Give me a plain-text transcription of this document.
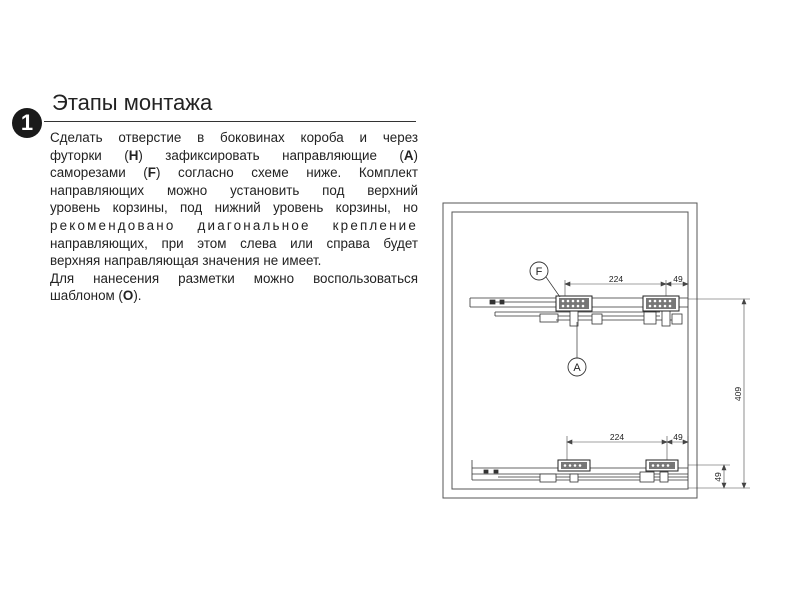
1
Этапы монтажа
Сделать отверстие в боковинах короба и через
футорки (Н) зафиксировать направляющие (А)
саморезами (F) согласно схеме ниже. Комплект
направляющих можно установить под верхний
уровень корзины, под нижний уровень корзины, но
рекомендовано диагональное крепление
направляющих, при этом слева или справа будет
верхняя направляющая значения не имеет.
Для нанесения разметки можно воспользоваться
шаблоном (О).
224	49
F
A
224	49
409
49
